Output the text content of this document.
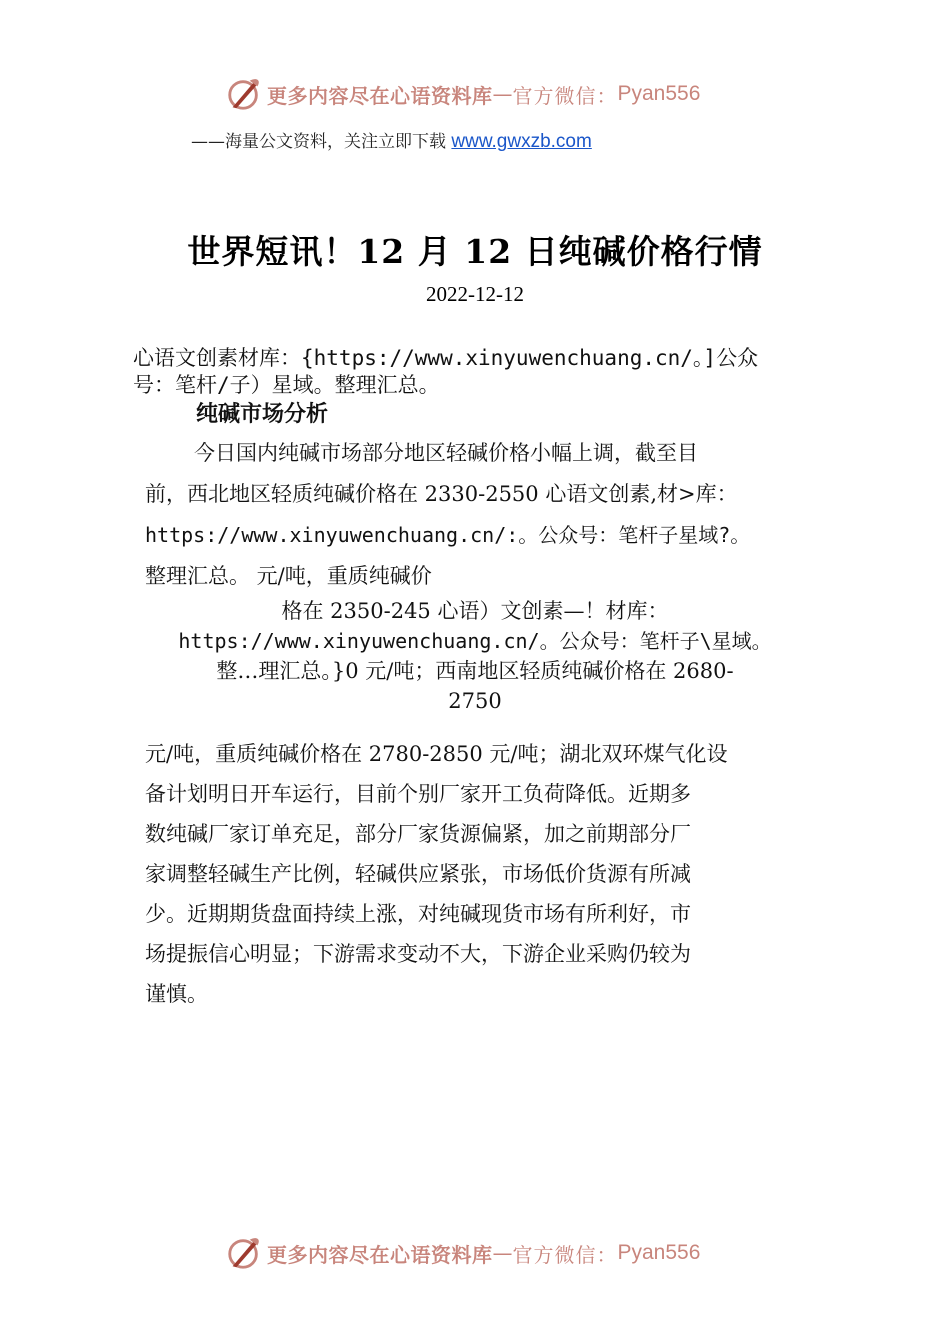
更多内容尽在心语资料库 — 官方微信： Pyan556
——海量公文资料，关注立即下载 www.gwxzb.com
世界短讯！12 月 12 日纯碱价格行情
2022-12-12
心语文创素材库：{https://www.xinyuwenchuang.cn/。]公众
号：笔杆/子）星域。整理汇总。
纯碱市场分析
今日国内纯碱市场部分地区轻碱价格小幅上调，截至目
前，西北地区轻质纯碱价格在 2330-2550 心语文创素,材>库：
https://www.xinyuwenchuang.cn/:。公众号：笔杆子星域?。
整理汇总。 元/吨，重质纯碱价
格在 2350-245 心语）文创素—！材库：
https://www.xinyuwenchuang.cn/。公众号：笔杆子\星域。
整…理汇总。}0 元/吨；西南地区轻质纯碱价格在 2680-
2750
元/吨，重质纯碱价格在 2780-2850 元/吨；湖北双环煤气化设
备计划明日开车运行，目前个别厂家开工负荷降低。近期多
数纯碱厂家订单充足，部分厂家货源偏紧，加之前期部分厂
家调整轻碱生产比例，轻碱供应紧张，市场低价货源有所减
少。近期期货盘面持续上涨，对纯碱现货市场有所利好，市
场提振信心明显；下游需求变动不大，下游企业采购仍较为
谨慎。
更多内容尽在心语资料库 — 官方微信： Pyan556
